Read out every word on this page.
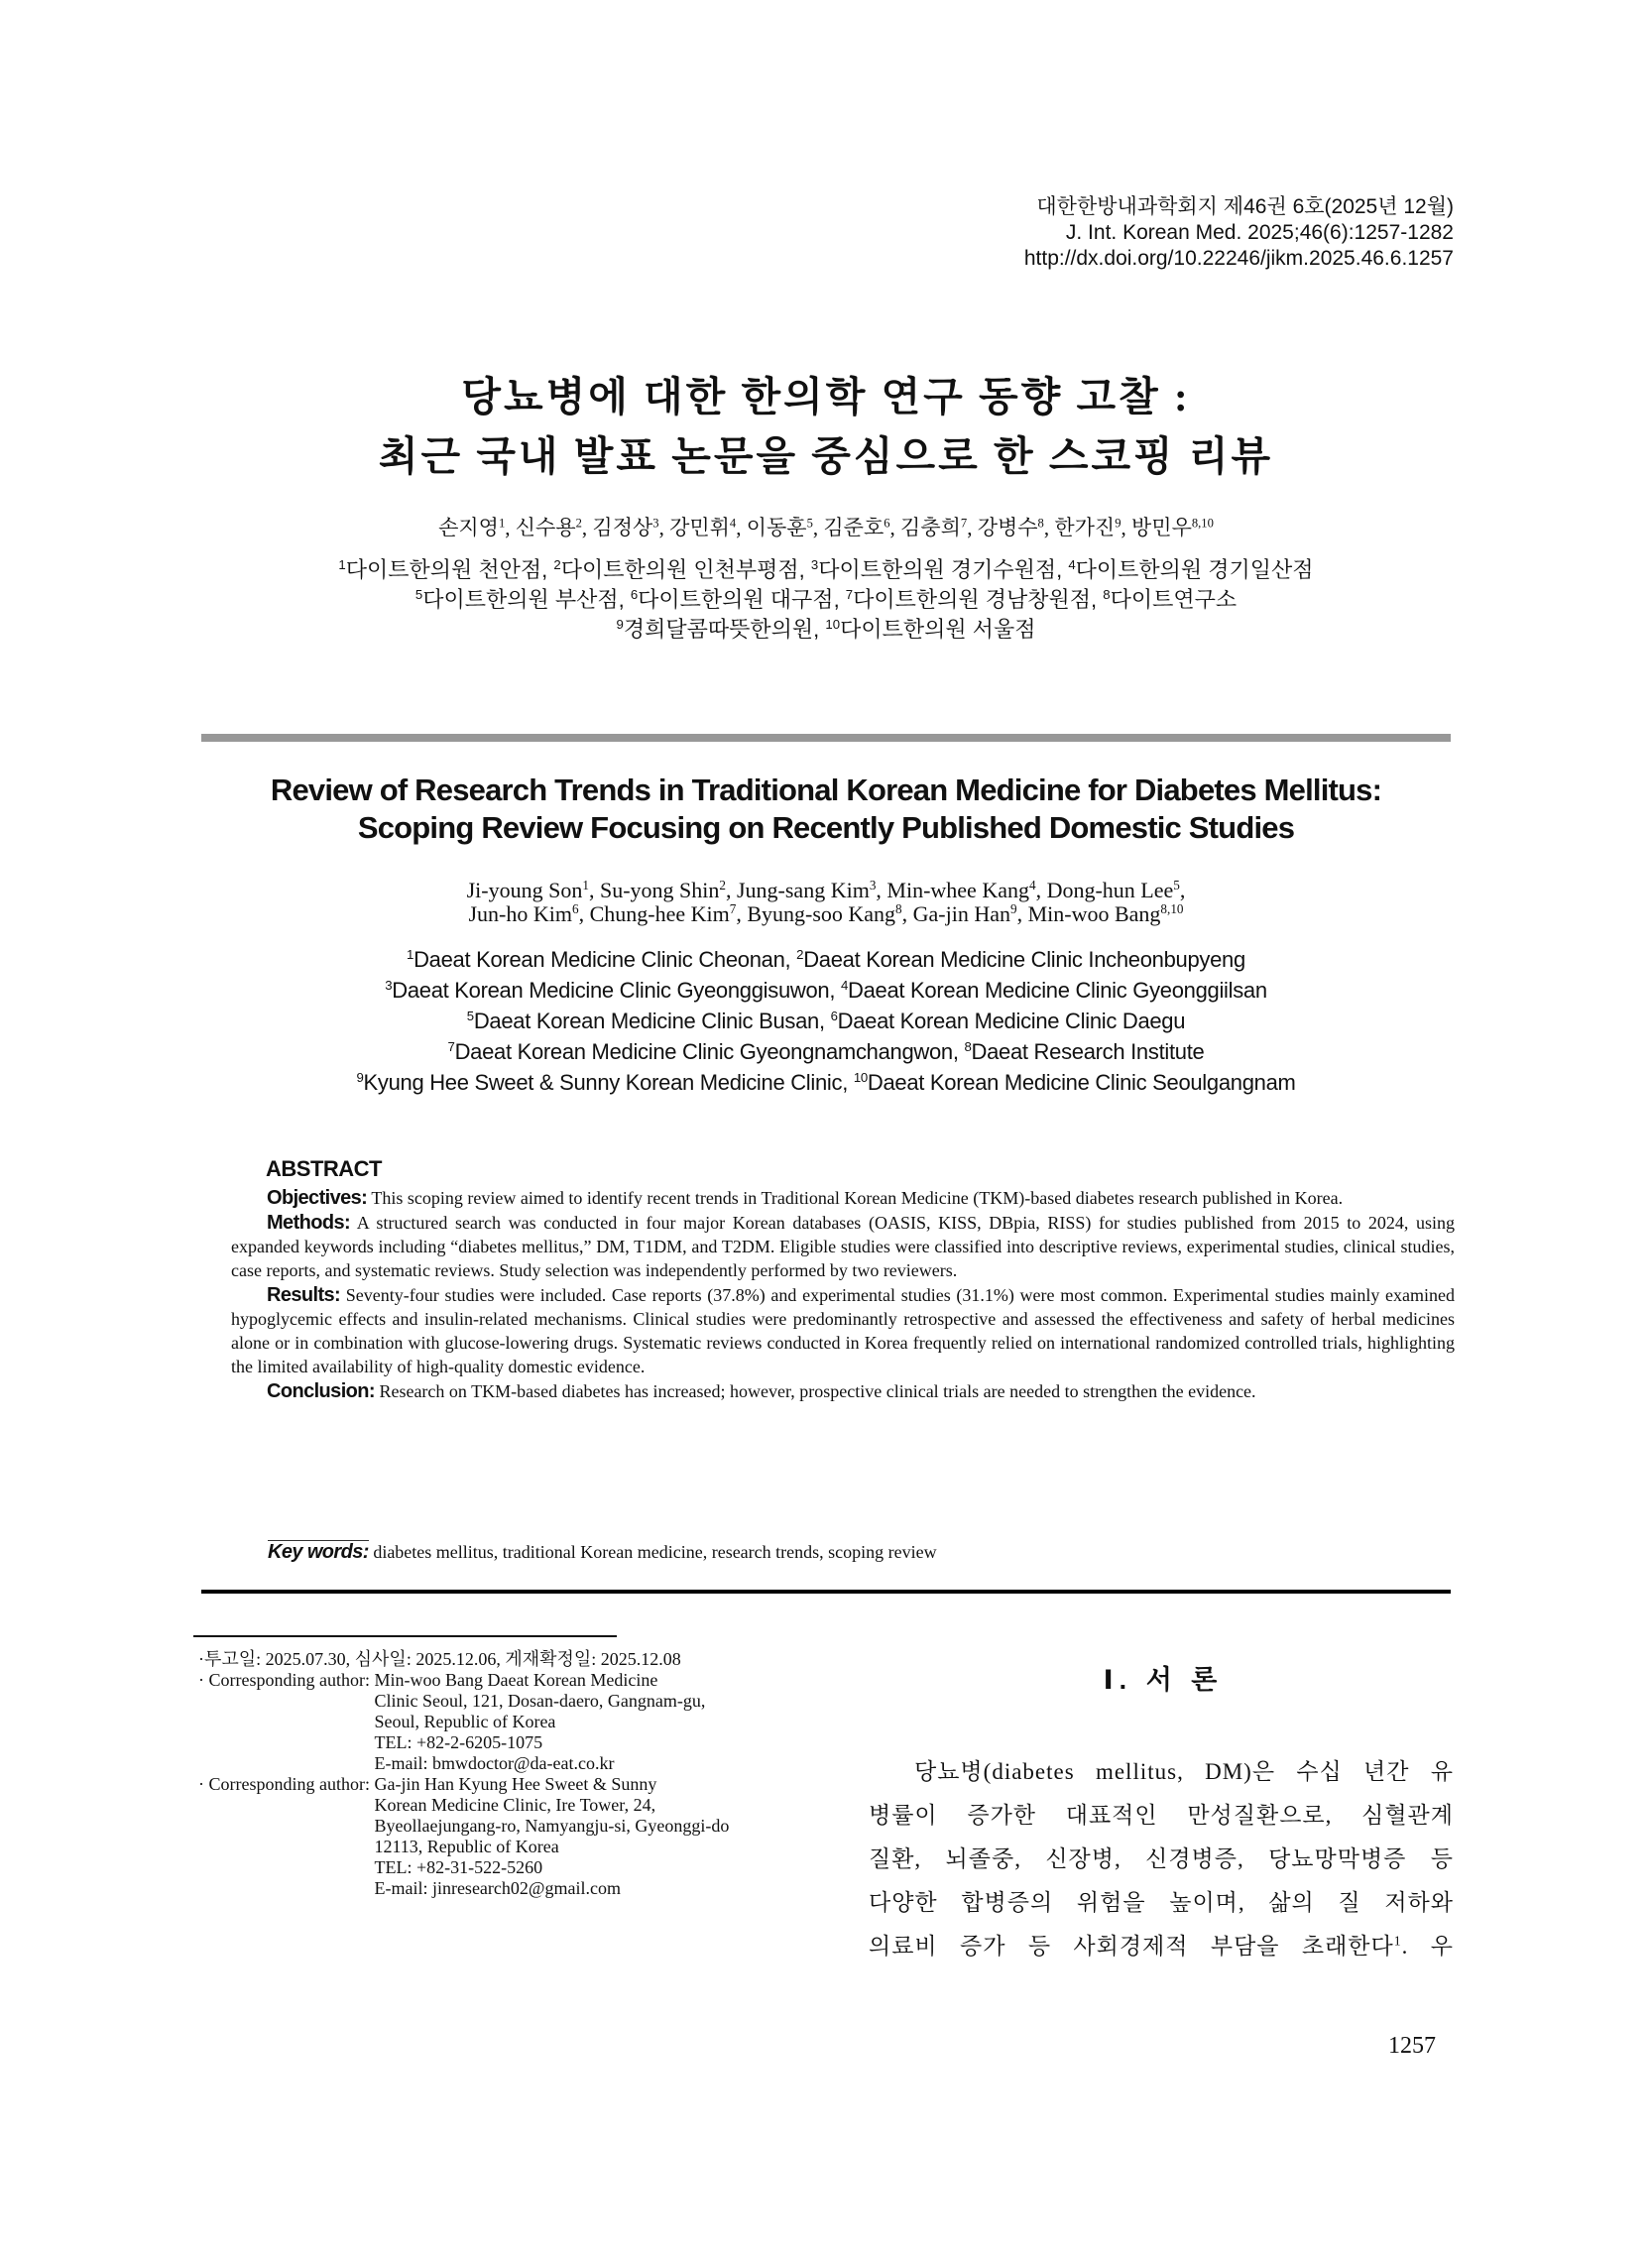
대한한방내과학회지 제46권 6호(2025년 12월)
J. Int. Korean Med. 2025;46(6):1257-1282
http://dx.doi.org/10.22246/jikm.2025.46.6.1257
당뇨병에 대한 한의학 연구 동향 고찰 :
최근 국내 발표 논문을 중심으로 한 스코핑 리뷰
손지영$^1$, 신수용$^2$, 김정상$^3$, 강민휘$^4$, 이동훈$^5$, 김준호$^6$, 김충희$^7$, 강병수$^8$, 한가진$^9$, 방민우$^{8,10}$
$^1$다이트한의원 천안점, $^2$다이트한의원 인천부평점, $^3$다이트한의원 경기수원점, $^4$다이트한의원 경기일산점
$^5$다이트한의원 부산점, $^6$다이트한의원 대구점, $^7$다이트한의원 경남창원점, $^8$다이트연구소
$^9$경희달콤따뜻한의원, $^{10}$다이트한의원 서울점
Review of Research Trends in Traditional Korean Medicine for Diabetes Mellitus:
Scoping Review Focusing on Recently Published Domestic Studies
Ji-young Son$^1$, Su-yong Shin$^2$, Jung-sang Kim$^3$, Min-whee Kang$^4$, Dong-hun Lee$^5$,
Jun-ho Kim$^6$, Chung-hee Kim$^7$, Byung-soo Kang$^8$, Ga-jin Han$^9$, Min-woo Bang$^{8,10}$
$^1$Daeat Korean Medicine Clinic Cheonan, $^2$Daeat Korean Medicine Clinic Incheonbupyeng
$^3$Daeat Korean Medicine Clinic Gyeonggisuwon, $^4$Daeat Korean Medicine Clinic Gyeonggiilsan
$^5$Daeat Korean Medicine Clinic Busan, $^6$Daeat Korean Medicine Clinic Daegu
$^7$Daeat Korean Medicine Clinic Gyeongnamchangwon, $^8$Daeat Research Institute
$^9$Kyung Hee Sweet & Sunny Korean Medicine Clinic, $^{10}$Daeat Korean Medicine Clinic Seoulgangnam
ABSTRACT

Objectives: This scoping review aimed to identify recent trends in Traditional Korean Medicine (TKM)-based diabetes research published in Korea.

Methods: A structured search was conducted in four major Korean databases (OASIS, KISS, DBpia, RISS) for studies published from 2015 to 2024, using expanded keywords including “diabetes mellitus,” DM, T1DM, and T2DM. Eligible studies were classified into descriptive reviews, experimental studies, clinical studies, case reports, and systematic reviews. Study selection was independently performed by two reviewers.

Results: Seventy-four studies were included. Case reports (37.8%) and experimental studies (31.1%) were most common. Experimental studies mainly examined hypoglycemic effects and insulin-related mechanisms. Clinical studies were predominantly retrospective and assessed the effectiveness and safety of herbal medicines alone or in combination with glucose-lowering drugs. Systematic reviews conducted in Korea frequently relied on international randomized controlled trials, highlighting the limited availability of high-quality domestic evidence.

Conclusion: Research on TKM-based diabetes has increased; however, prospective clinical trials are needed to strengthen the evidence.

Key words: diabetes mellitus, traditional Korean medicine, research trends, scoping review
·투고일: 2025.07.30, 심사일: 2025.12.06, 게재확정일: 2025.12.08
· Corresponding author:
Min-woo Bang Daeat Korean Medicine
Clinic Seoul, 121, Dosan-daero, Gangnam-gu,
Seoul, Republic of Korea
TEL: +82-2-6205-1075
E-mail: bmwdoctor@da-eat.co.kr
· Corresponding author:
Ga-jin Han Kyung Hee Sweet & Sunny
Korean Medicine Clinic, Ire Tower, 24,
Byeollaejungang-ro, Namyangju-si, Gyeonggi-do
12113, Republic of Korea
TEL: +82-31-522-5260
E-mail: jinresearch02@gmail.com
Ⅰ. 서 론
당뇨병(diabetes mellitus, DM)은 수십 년간 유
병률이 증가한 대표적인 만성질환으로, 심혈관계
질환, 뇌졸중, 신장병, 신경병증, 당뇨망막병증 등
다양한 합병증의 위험을 높이며, 삶의 질 저하와
의료비 증가 등 사회경제적 부담을 초래한다$^1$. 우
1257
